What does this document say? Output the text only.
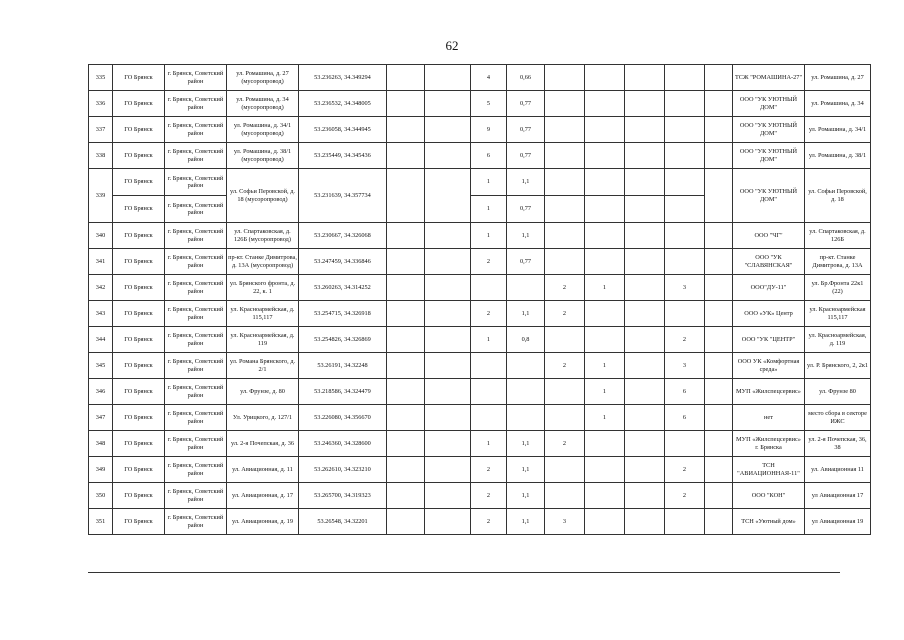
62
335	ГО Брянск	г. Брянск, Советский район	ул. Ромашина, д. 27 (мусоропровод)	53.236263, 34.349294			4	0,66						ТСЖ "РОМАШИНА-27"	ул. Ромашина, д. 27
336	ГО Брянск	г. Брянск, Советский район	ул. Ромашина, д. 34 (мусоропровод)	53.236532, 34.348005			5	0,77						ООО "УК УЮТНЫЙ ДОМ"	ул. Ромашина, д. 34
337	ГО Брянск	г. Брянск, Советский район	ул. Ромашина, д. 34/1 (мусоропровод)	53.236058, 34.344945			9	0,77						ООО "УК УЮТНЫЙ ДОМ"	ул. Ромашина, д. 34/1
338	ГО Брянск	г. Брянск, Советский район	ул. Ромашина, д. 38/1 (мусоропровод)	53.235449, 34.345436			6	0,77						ООО "УК УЮТНЫЙ ДОМ"	ул. Ромашина, д. 38/1
339	ГО Брянск	г. Брянск, Советский район	ул. Софьи Перовской, д. 18 (мусоропровод)	53.231639, 34.357734			1	1,1						ООО "УК УЮТНЫЙ ДОМ"	ул. Софьи Перовской, д. 18
	ГО Брянск	г. Брянск, Советский район					1	0,77							
340	ГО Брянск	г. Брянск, Советский район	ул. Спартаковская, д. 126Б (мусоропровод)	53.230667, 34.326068			1	1,1						ООО "ЧГ"	ул. Спартаковская, д. 126Б
341	ГО Брянск	г. Брянск, Советский район	пр-кт. Станке Димитрова, д. 13А (мусоропровод)	53.247459, 34.336846			2	0,77						ООО "УК "СЛАВЯНСКАЯ"	пр-кт. Станке Димитрова, д. 13А
342	ГО Брянск	г. Брянск, Советский район	ул. Брянского фронта, д. 22, к. 1	53.260263, 34.314252					2	1		3		ООО"ДУ-11"	ул. Бр.Фронта 22к1 (22)
343	ГО Брянск	г. Брянск, Советский район	ул. Красноармейская, д. 115,117	53.254715, 34.326918			2	1,1	2					ООО «УК» Центр	ул. Красноармейская 115,117
344	ГО Брянск	г. Брянск, Советский район	ул. Красноармейская, д. 119	53.254826, 34.326869			1	0,8				2		ООО "УК "ЦЕНТР"	ул. Красноармейская, д. 119
345	ГО Брянск	г. Брянск, Советский район	ул. Романа Брянского, д. 2/1	53.26191, 34.32248					2	1		3		ООО УК «Комфортная среда»	ул. Р. Брянского, 2, 2к1
346	ГО Брянск	г. Брянск, Советский район	ул. Фрунзе, д. 80	53.218586, 34.324479						1		6		МУП «Жилспецсервис»	ул. Фрунзе 80
347	ГО Брянск	г. Брянск, Советский район	Ул. Урицкого, д. 127/1	53.226080, 34.356670						1		6		нет	место сбора в секторе ИЖС
348	ГО Брянск	г. Брянск, Советский район	ул. 2-я Почепская, д. 36	53.246360, 34.328600			1	1,1	2					МУП «Жилспецсервис» г. Брянска	ул. 2-я Почепская, 36, 38
349	ГО Брянск	г. Брянск, Советский район	ул. Авиационная, д. 11	53.262610, 34.323210			2	1,1				2		ТСН "АВИАЦИОННАЯ-11"	ул. Авиационная 11
350	ГО Брянск	г. Брянск, Советский район	ул. Авиационная, д. 17	53.265700, 34.319323			2	1,1				2		ООО "КОН"	ул Авиационная 17
351	ГО Брянск	г. Брянск, Советский район	ул. Авиационная, д. 19	53.26548, 34.32201			2	1,1	3					ТСН «Уютный дом»	ул Авиационная 19
